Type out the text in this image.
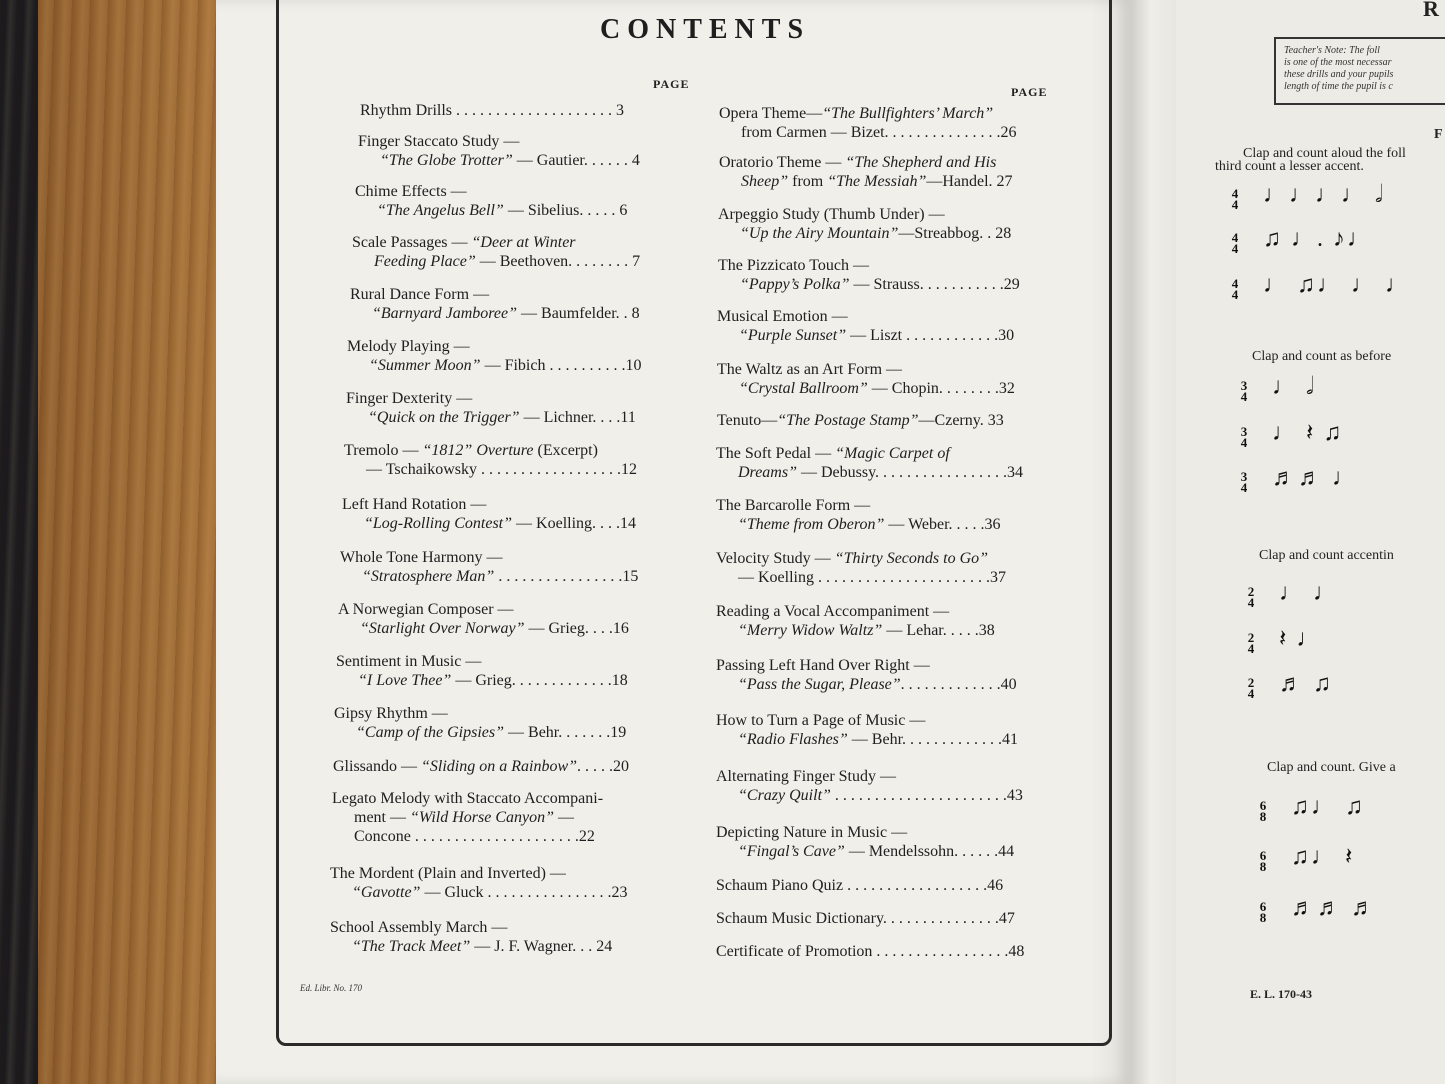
CONTENTS
PAGE
PAGE
Rhythm Drills . . . . . . . . . . . . . . . . . . . . 3
Finger Staccato Study —
“The Globe Trotter” — Gautier. . . . . . 4
Chime Effects —
“The Angelus Bell” — Sibelius. . . . . 6
Scale Passages — “Deer at Winter
Feeding Place” — Beethoven. . . . . . . . 7
Rural Dance Form —
“Barnyard Jamboree” — Baumfelder. . 8
Melody Playing —
“Summer Moon” — Fibich . . . . . . . . . .10
Finger Dexterity —
“Quick on the Trigger” — Lichner. . . .11
Tremolo — “1812” Overture (Excerpt)
— Tschaikowsky . . . . . . . . . . . . . . . . . .12
Left Hand Rotation —
“Log-Rolling Contest” — Koelling. . . .14
Whole Tone Harmony —
“Stratosphere Man” . . . . . . . . . . . . . . . .15
A Norwegian Composer —
“Starlight Over Norway” — Grieg. . . .16
Sentiment in Music —
“I Love Thee” — Grieg. . . . . . . . . . . . .18
Gipsy Rhythm —
“Camp of the Gipsies” — Behr. . . . . . .19
Glissando — “Sliding on a Rainbow”. . . . .20
Legato Melody with Staccato Accompani-
ment — “Wild Horse Canyon” —
Concone . . . . . . . . . . . . . . . . . . . . .22
The Mordent (Plain and Inverted) —
“Gavotte” — Gluck . . . . . . . . . . . . . . . .23
School Assembly March —
“The Track Meet” — J. F. Wagner. . . 24
Opera Theme—“The Bullfighters’ March”
from Carmen — Bizet. . . . . . . . . . . . . . .26
Oratorio Theme — “The Shepherd and His
Sheep” from “The Messiah”—Handel. 27
Arpeggio Study (Thumb Under) —
“Up the Airy Mountain”—Streabbog. . 28
The Pizzicato Touch —
“Pappy’s Polka” — Strauss. . . . . . . . . . .29
Musical Emotion —
“Purple Sunset” — Liszt . . . . . . . . . . . .30
The Waltz as an Art Form —
“Crystal Ballroom” — Chopin. . . . . . . .32
Tenuto—“The Postage Stamp”—Czerny. 33
The Soft Pedal — “Magic Carpet of
Dreams” — Debussy. . . . . . . . . . . . . . . . .34
The Barcarolle Form —
“Theme from Oberon” — Weber. . . . .36
Velocity Study — “Thirty Seconds to Go”
— Koelling . . . . . . . . . . . . . . . . . . . . . .37
Reading a Vocal Accompaniment —
“Merry Widow Waltz” — Lehar. . . . .38
Passing Left Hand Over Right —
“Pass the Sugar, Please”. . . . . . . . . . . . .40
How to Turn a Page of Music —
“Radio Flashes” — Behr. . . . . . . . . . . . .41
Alternating Finger Study —
“Crazy Quilt” . . . . . . . . . . . . . . . . . . . . . .43
Depicting Nature in Music —
“Fingal’s Cave” — Mendelssohn. . . . . .44
Schaum Piano Quiz . . . . . . . . . . . . . . . . . .46
Schaum Music Dictionary. . . . . . . . . . . . . . .47
Certificate of Promotion . . . . . . . . . . . . . . . . .48
Ed. Libr. No. 170
R
Teacher's Note: The foll
is one of the most necessar
these drills and your pupils
length of time the pupil is c
F
Clap and count aloud the foll
third count a lesser accent.
Clap and count as before
Clap and count accentin
Clap and count. Give a
4
4 ♩♩♩♩ 𝅗𝅥
4
4 ♫ ♩. ♪♩
4
4 ♩ ♫♩ ♩ ♩
3
4 ♩ 𝅗𝅥
3
4 ♩ 𝄽 ♫
3
4 ♬♬ ♩
2
4 ♩ ♩
2
4 𝄽 ♩
2
4 ♬ ♫
6
8 ♫♩ ♫
6
8 ♫♩ 𝄽
6
8 ♬♬ ♬
E. L. 170-43
